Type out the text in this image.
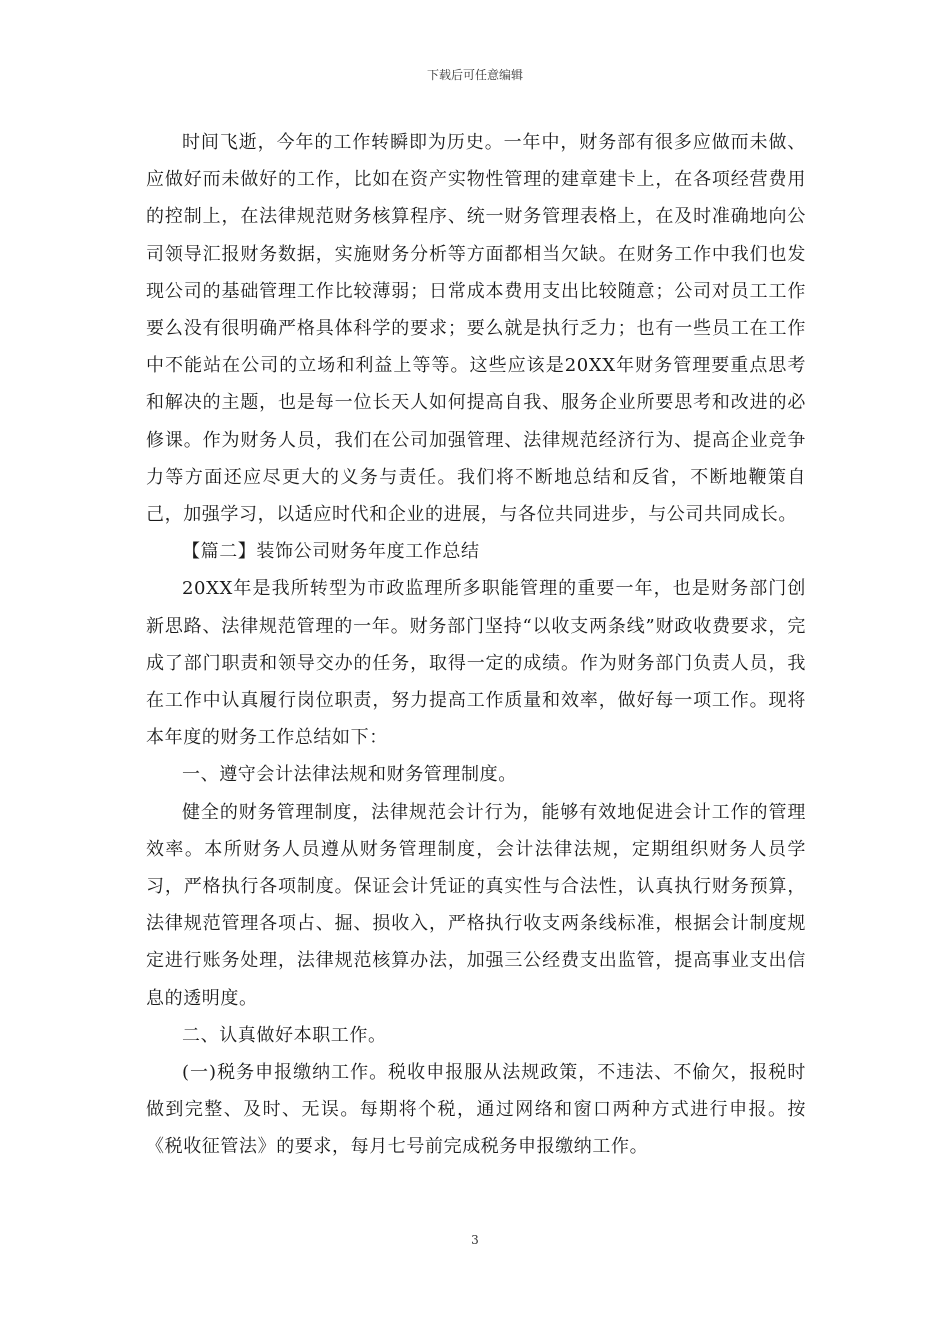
下载后可任意编辑

时间飞逝，今年的工作转瞬即为历史。一年中，财务部有很多应做而未做、应做好而未做好的工作，比如在资产实物性管理的建章建卡上，在各项经营费用的控制上，在法律规范财务核算程序、统一财务管理表格上，在及时准确地向公司领导汇报财务数据，实施财务分析等方面都相当欠缺。在财务工作中我们也发现公司的基础管理工作比较薄弱；日常成本费用支出比较随意；公司对员工工作要么没有很明确严格具体科学的要求；要么就是执行乏力；也有一些员工在工作中不能站在公司的立场和利益上等等。这些应该是20XX年财务管理要重点思考和解决的主题，也是每一位长天人如何提高自我、服务企业所要思考和改进的必修课。作为财务人员，我们在公司加强管理、法律规范经济行为、提高企业竞争力等方面还应尽更大的义务与责任。我们将不断地总结和反省，不断地鞭策自己，加强学习，以适应时代和企业的进展，与各位共同进步，与公司共同成长。

【篇二】装饰公司财务年度工作总结

20XX年是我所转型为市政监理所多职能管理的重要一年，也是财务部门创新思路、法律规范管理的一年。财务部门坚持“以收支两条线”财政收费要求，完成了部门职责和领导交办的任务，取得一定的成绩。作为财务部门负责人员，我在工作中认真履行岗位职责，努力提高工作质量和效率，做好每一项工作。现将本年度的财务工作总结如下：

一、遵守会计法律法规和财务管理制度。

健全的财务管理制度，法律规范会计行为，能够有效地促进会计工作的管理效率。本所财务人员遵从财务管理制度，会计法律法规，定期组织财务人员学习，严格执行各项制度。保证会计凭证的真实性与合法性，认真执行财务预算，法律规范管理各项占、掘、损收入，严格执行收支两条线标准，根据会计制度规定进行账务处理，法律规范核算办法，加强三公经费支出监管，提高事业支出信息的透明度。

二、认真做好本职工作。

(一)税务申报缴纳工作。税收申报服从法规政策，不违法、不偷欠，报税时做到完整、及时、无误。每期将个税，通过网络和窗口两种方式进行申报。按《税收征管法》的要求，每月七号前完成税务申报缴纳工作。

3
